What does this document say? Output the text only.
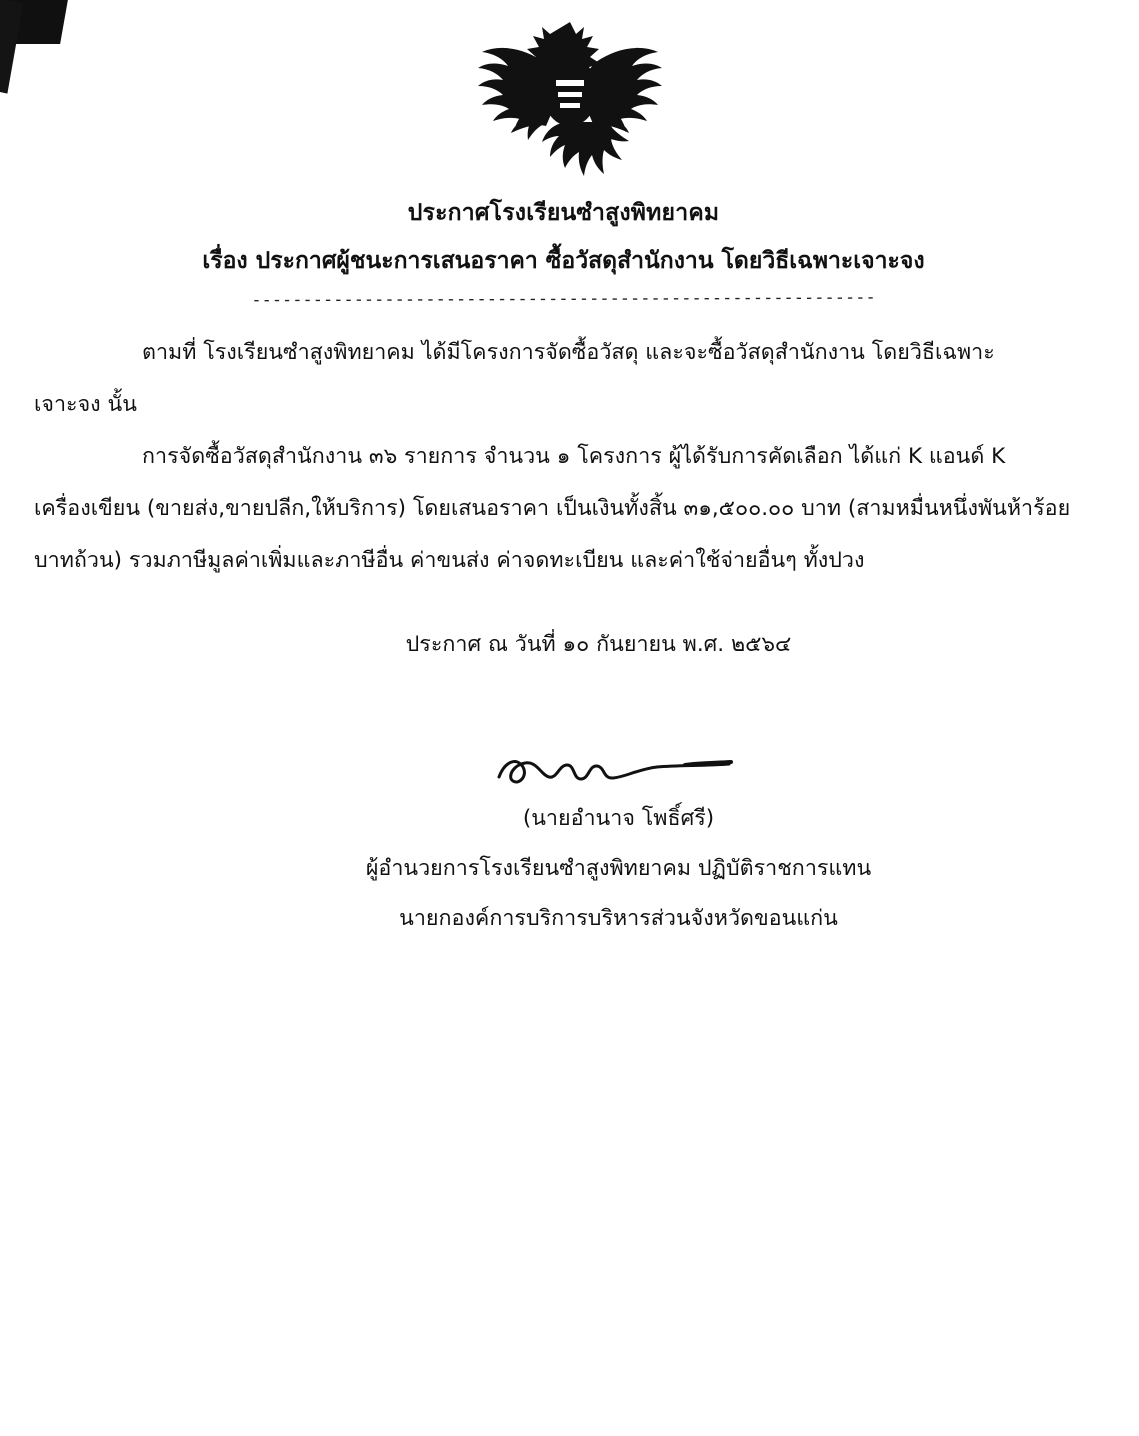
ประกาศโรงเรียนซำสูงพิทยาคม
เรื่อง ประกาศผู้ชนะการเสนอราคา ซื้อวัสดุสำนักงาน โดยวิธีเฉพาะเจาะจง
-------------------------------------------------------------

ตามที่ โรงเรียนซำสูงพิทยาคม ได้มีโครงการจัดซื้อวัสดุ และจะซื้อวัสดุสำนักงาน โดยวิธีเฉพาะ

เจาะจง นั้น

การจัดซื้อวัสดุสำนักงาน ๓๖ รายการ จำนวน ๑ โครงการ ผู้ได้รับการคัดเลือก ได้แก่ K แอนด์ K

เครื่องเขียน (ขายส่ง,ขายปลีก,ให้บริการ) โดยเสนอราคา เป็นเงินทั้งสิ้น ๓๑,๕๐๐.๐๐ บาท (สามหมื่นหนึ่งพันห้าร้อย

บาทถ้วน) รวมภาษีมูลค่าเพิ่มและภาษีอื่น ค่าขนส่ง ค่าจดทะเบียน และค่าใช้จ่ายอื่นๆ ทั้งปวง

ประกาศ ณ วันที่ ๑๐ กันยายน พ.ศ. ๒๕๖๔
(นายอำนาจ โพธิ์ศรี)
ผู้อำนวยการโรงเรียนซำสูงพิทยาคม ปฏิบัติราชการแทน
นายกองค์การบริการบริหารส่วนจังหวัดขอนแก่น
